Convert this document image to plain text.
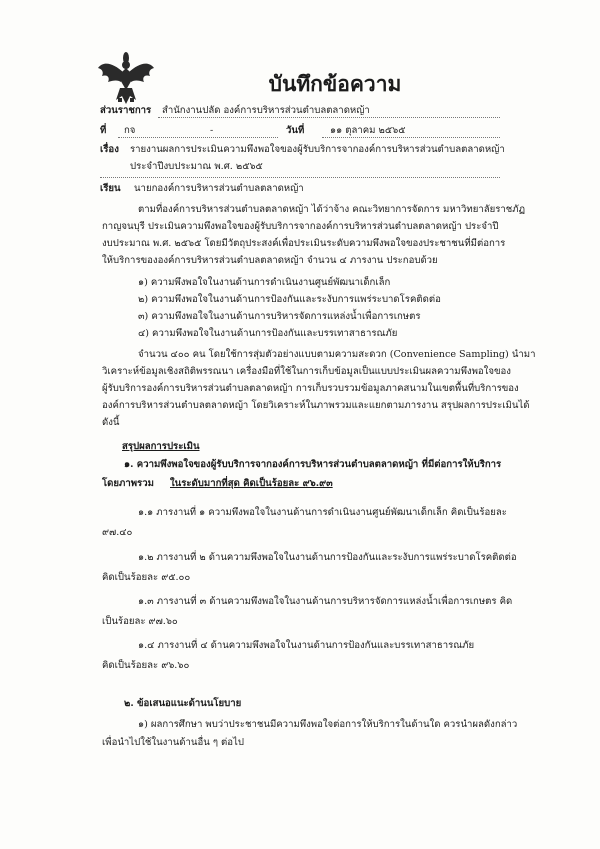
บันทึกข้อความ
ส่วนราชการ สำนักงานปลัด องค์การบริหารส่วนตำบลตลาดหญ้า
ที่ กจ	-	วันที่	๑๑ ตุลาคม ๒๕๖๕
เรื่อง รายงานผลการประเมินความพึงพอใจของผู้รับบริการจากองค์การบริหารส่วนตำบลตลาดหญ้า
ประจำปีงบประมาณ พ.ศ. ๒๕๖๕
เรียน นายกองค์การบริหารส่วนตำบลตลาดหญ้า
ตามที่องค์การบริหารส่วนตำบลตลาดหญ้า ได้ว่าจ้าง คณะวิทยาการจัดการ มหาวิทยาลัยราชภัฏ
กาญจนบุรี ประเมินความพึงพอใจของผู้รับบริการจากองค์การบริหารส่วนตำบลตลาดหญ้า ประจำปี
งบประมาณ พ.ศ. ๒๕๖๕ โดยมีวัตถุประสงค์เพื่อประเมินระดับความพึงพอใจของประชาชนที่มีต่อการ
ให้บริการขององค์การบริหารส่วนตำบลตลาดหญ้า จำนวน ๔ ภารงาน ประกอบด้วย
๑) ความพึงพอใจในงานด้านการดำเนินงานศูนย์พัฒนาเด็กเล็ก
๒) ความพึงพอใจในงานด้านการป้องกันและระงับการแพร่ระบาดโรคติดต่อ
๓) ความพึงพอใจในงานด้านการบริหารจัดการแหล่งน้ำเพื่อการเกษตร
๔) ความพึงพอใจในงานด้านการป้องกันและบรรเทาสาธารณภัย
จำนวน ๔๐๐ คน โดยใช้การสุ่มตัวอย่างแบบตามความสะดวก (Convenience Sampling) นำมา
วิเคราะห์ข้อมูลเชิงสถิติพรรณนา เครื่องมือที่ใช้ในการเก็บข้อมูลเป็นแบบประเมินผลความพึงพอใจของ
ผู้รับบริการองค์การบริหารส่วนตำบลตลาดหญ้า การเก็บรวบรวมข้อมูลภาคสนามในเขตพื้นที่บริการของ
องค์การบริหารส่วนตำบลตลาดหญ้า โดยวิเคราะห์ในภาพรวมและแยกตามภารงาน สรุปผลการประเมินได้
ดังนี้
สรุปผลการประเมิน
๑. ความพึงพอใจของผู้รับบริการจากองค์การบริหารส่วนตำบลตลาดหญ้า ที่มีต่อการให้บริการ
โดยภาพรวม ในระดับมากที่สุด คิดเป็นร้อยละ ๙๖.๙๓
๑.๑ ภารงานที่ ๑ ความพึงพอใจในงานด้านการดำเนินงานศูนย์พัฒนาเด็กเล็ก คิดเป็นร้อยละ
๙๗.๔๐
๑.๒ ภารงานที่ ๒ ด้านความพึงพอใจในงานด้านการป้องกันและระงับการแพร่ระบาดโรคติดต่อ
คิดเป็นร้อยละ ๙๕.๐๐
๑.๓ ภารงานที่ ๓ ด้านความพึงพอใจในงานด้านการบริหารจัดการแหล่งน้ำเพื่อการเกษตร คิด
เป็นร้อยละ ๙๗.๖๐
๑.๔ ภารงานที่ ๔ ด้านความพึงพอใจในงานด้านการป้องกันและบรรเทาสาธารณภัย
คิดเป็นร้อยละ ๙๖.๖๐
๒. ข้อเสนอแนะด้านนโยบาย
๑) ผลการศึกษา พบว่าประชาชนมีความพึงพอใจต่อการให้บริการในด้านใด ควรนำผลดังกล่าว
เพื่อนำไปใช้ในงานด้านอื่น ๆ ต่อไป
